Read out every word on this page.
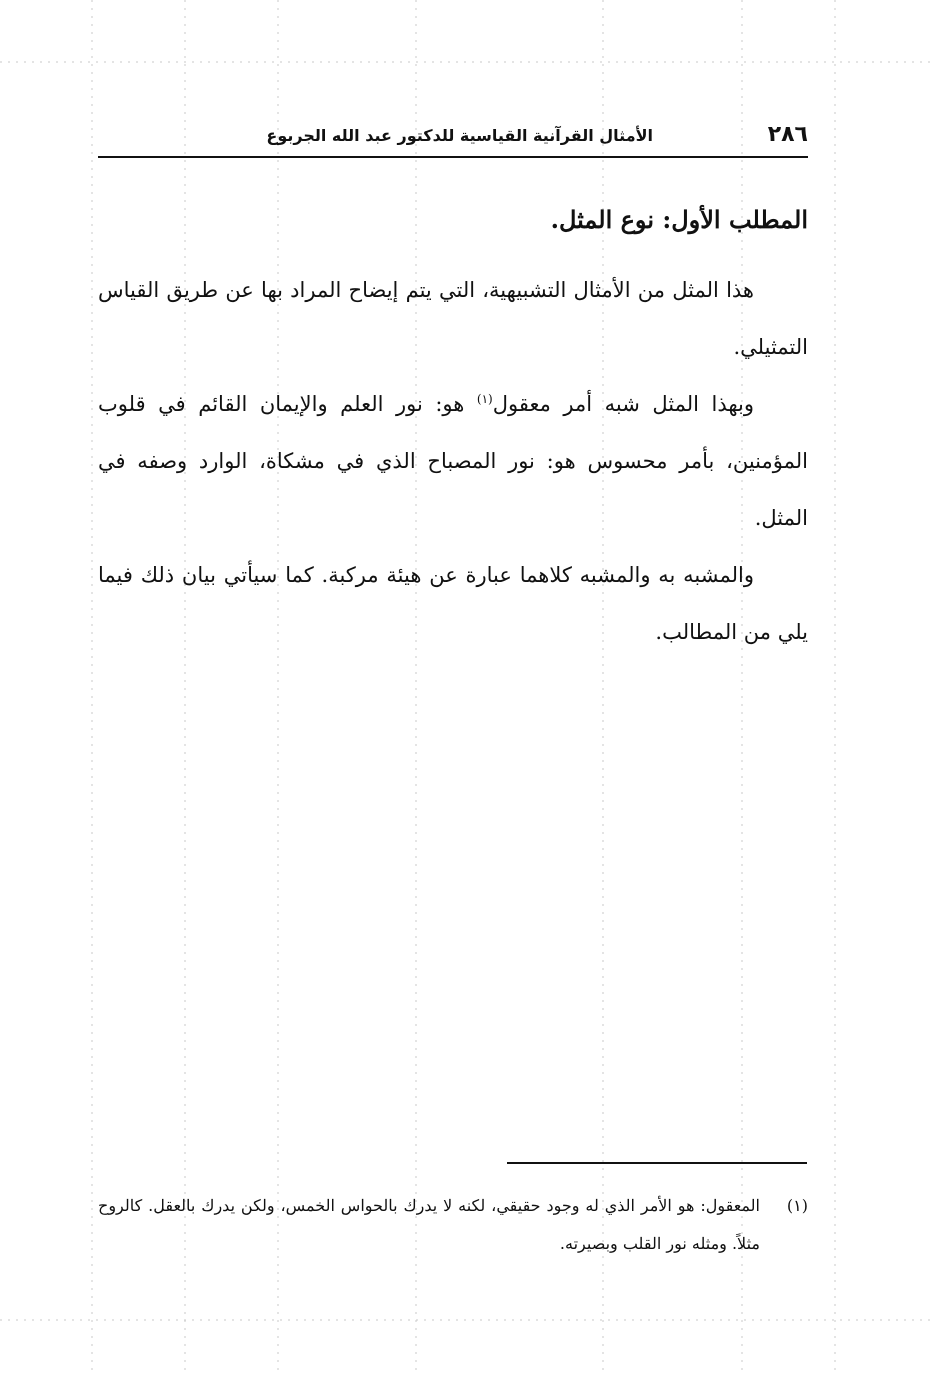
٢٨٦
الأمثال القرآنية القياسية للدكتور عبد الله الجربوع
المطلب الأول: نوع المثل.

هذا المثل من الأمثال التشبيهية، التي يتم إيضاح المراد بها عن طريق القياس التمثيلي.

وبهذا المثل شبه أمر معقول$^{(١)}$ هو: نور العلم والإيمان القائم في قلوب المؤمنين، بأمر محسوس هو: نور المصباح الذي في مشكاة، الوارد وصفه في المثل.

والمشبه به والمشبه كلاهما عبارة عن هيئة مركبة. كما سيأتي بيان ذلك فيما يلي من المطالب.

(١)
المعقول: هو الأمر الذي له وجود حقيقي، لكنه لا يدرك بالحواس الخمس، ولكن يدرك بالعقل. كالروح مثلاً. ومثله نور القلب وبصيرته.
